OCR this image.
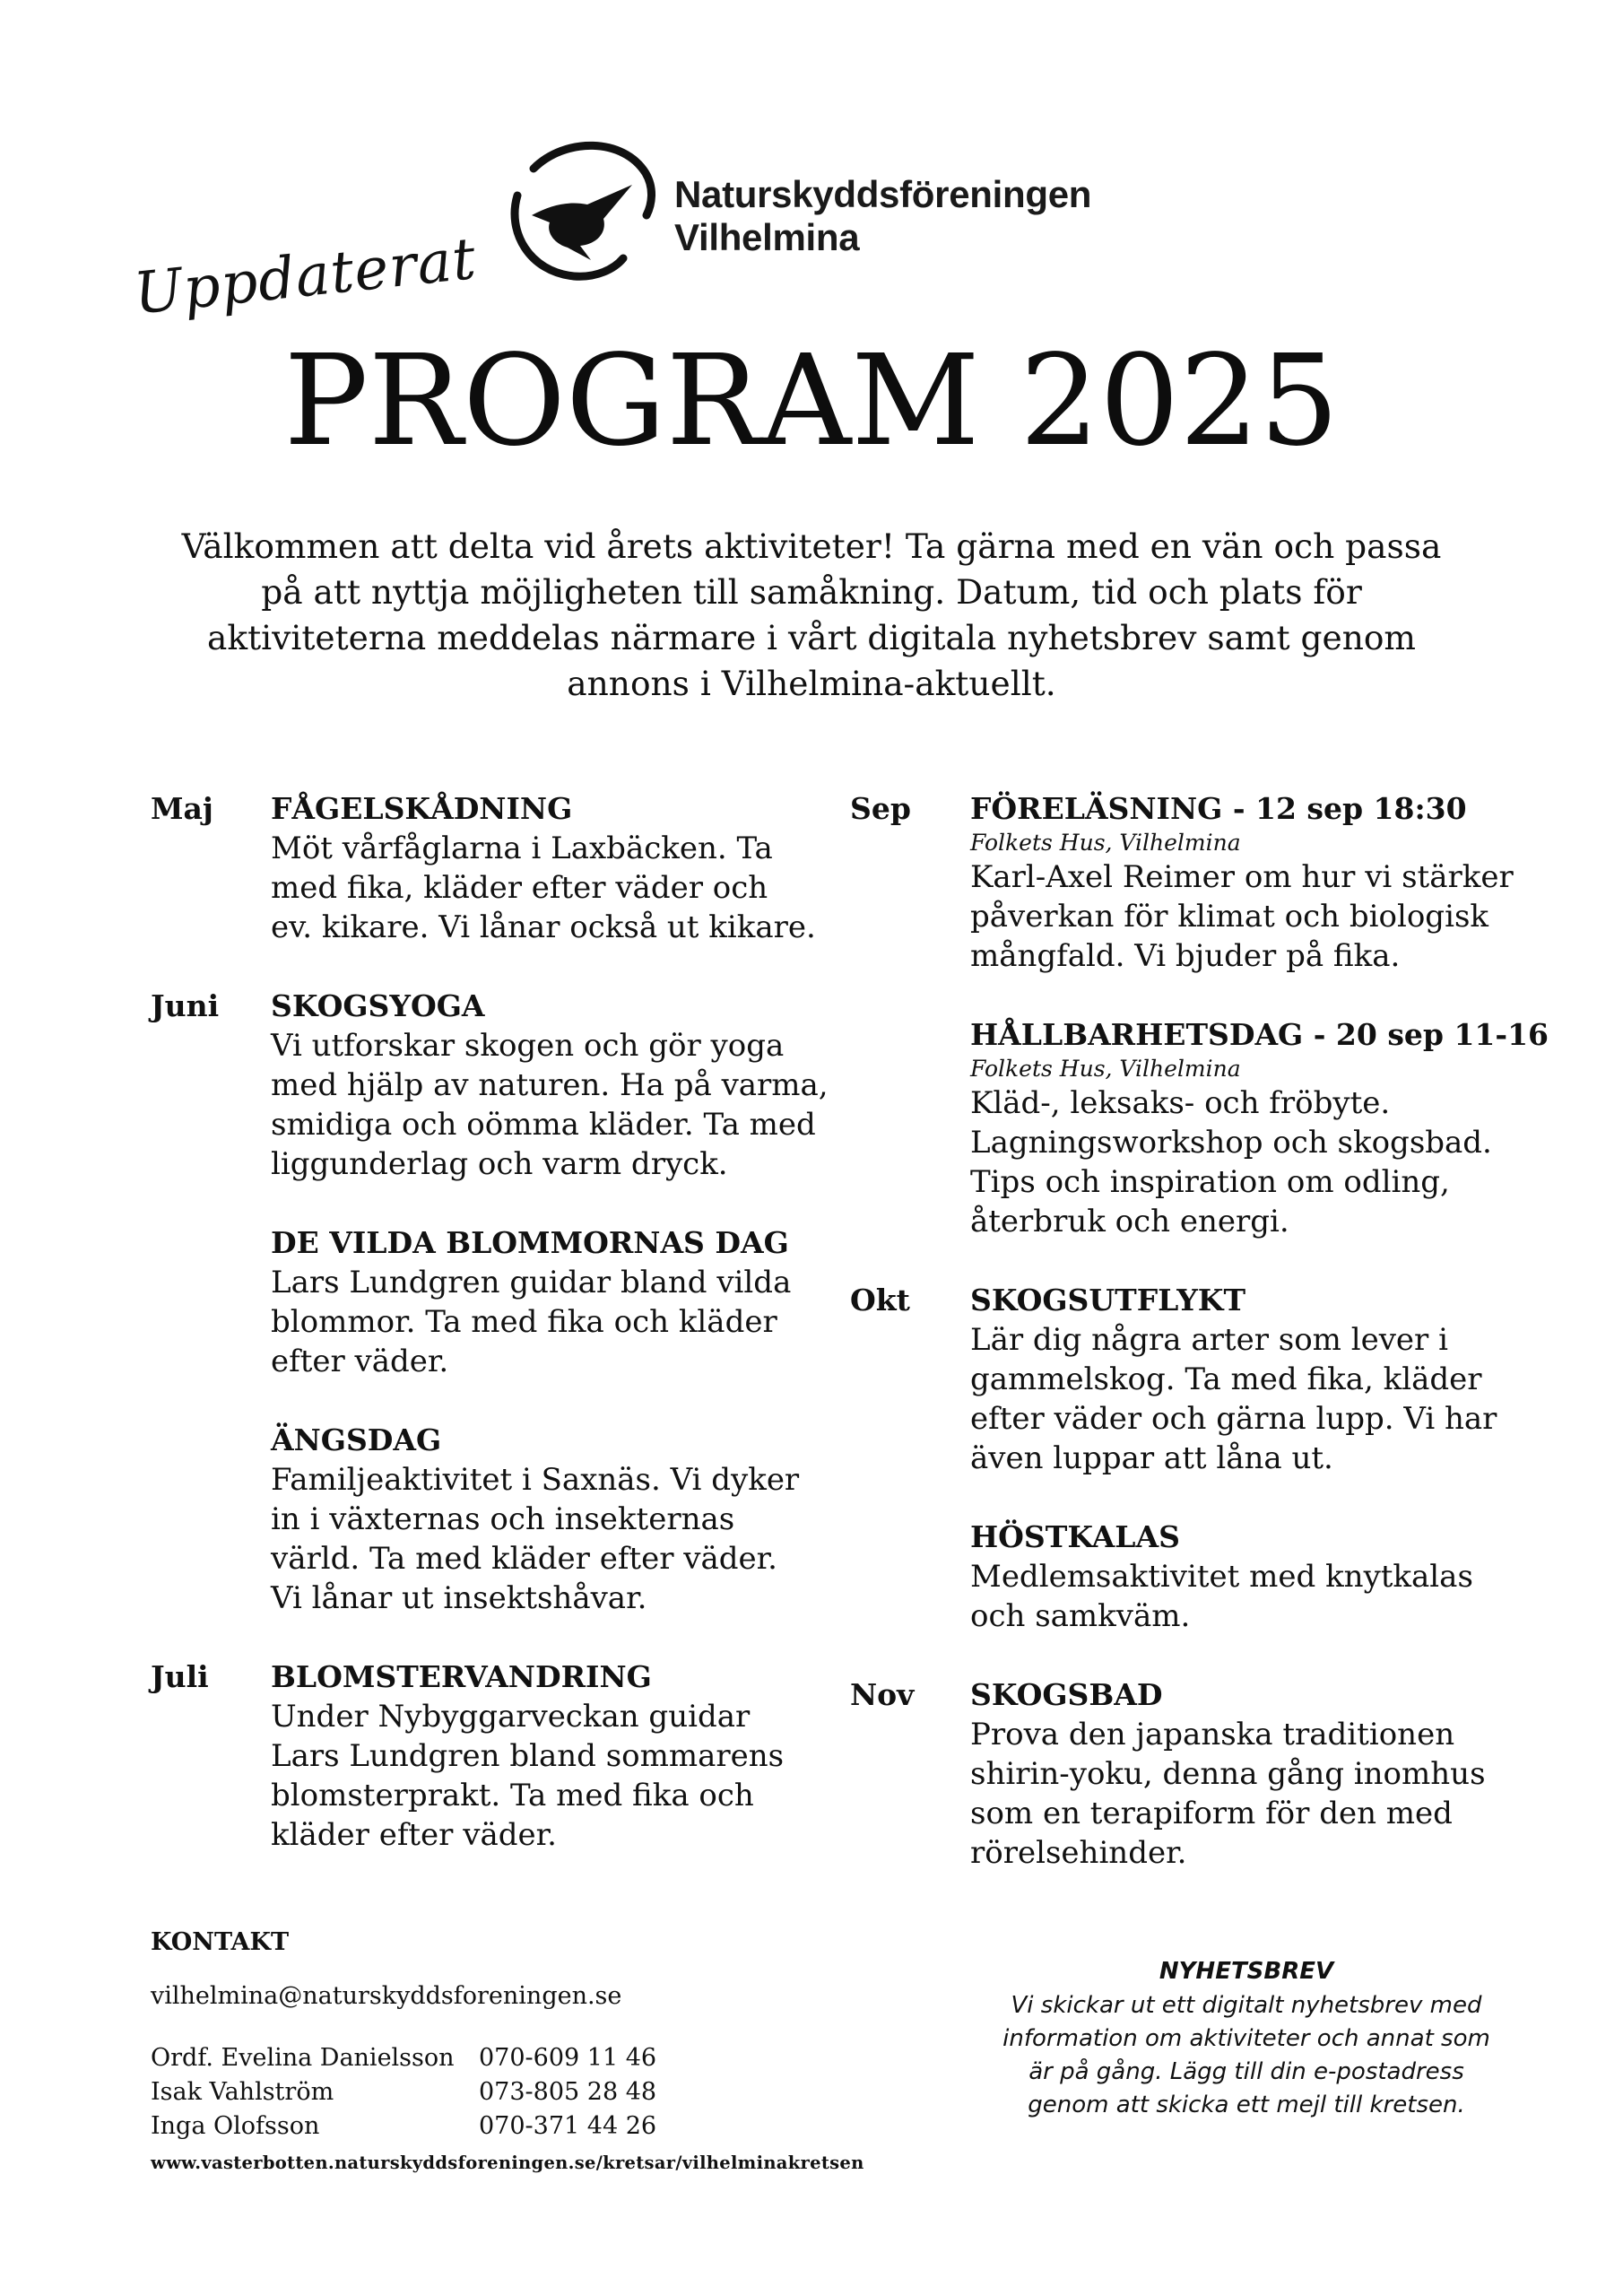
Naturskyddsföreningen
Vilhelmina
Uppdaterat
PROGRAM 2025
Välkommen att delta vid årets aktiviteter! Ta gärna med en vän och passa på att nyttja möjligheten till samåkning. Datum, tid och plats för aktiviteterna meddelas närmare i vårt digitala nyhetsbrev samt genom annons i Vilhelmina-aktuellt.
Maj FÅGELSKÅDNING
Möt vårfåglarna i Laxbäcken. Ta
med fika, kläder efter väder och
ev. kikare. Vi lånar också ut kikare.
Juni SKOGSYOGA
Vi utforskar skogen och gör yoga
med hjälp av naturen. Ha på varma,
smidiga och oömma kläder. Ta med
liggunderlag och varm dryck.
DE VILDA BLOMMORNAS DAG
Lars Lundgren guidar bland vilda
blommor. Ta med fika och kläder
efter väder.
ÄNGSDAG
Familjeaktivitet i Saxnäs. Vi dyker
in i växternas och insekternas
värld. Ta med kläder efter väder.
Vi lånar ut insektshåvar.
Juli BLOMSTERVANDRING
Under Nybyggarveckan guidar
Lars Lundgren bland sommarens
blomsterprakt. Ta med fika och
kläder efter väder.
Sep FÖRELÄSNING - 12 sep 18:30
Folkets Hus, Vilhelmina
Karl-Axel Reimer om hur vi stärker
påverkan för klimat och biologisk
mångfald. Vi bjuder på fika.
HÅLLBARHETSDAG - 20 sep 11-16
Folkets Hus, Vilhelmina
Kläd-, leksaks- och fröbyte.
Lagningsworkshop och skogsbad.
Tips och inspiration om odling,
återbruk och energi.
Okt SKOGSUTFLYKT
Lär dig några arter som lever i
gammelskog. Ta med fika, kläder
efter väder och gärna lupp. Vi har
även luppar att låna ut.
HÖSTKALAS
Medlemsaktivitet med knytkalas
och samkväm.
Nov SKOGSBAD
Prova den japanska traditionen
shirin-yoku, denna gång inomhus
som en terapiform för den med
rörelsehinder.
KONTAKT
vilhelmina@naturskyddsforeningen.se
Ordf. Evelina Danielsson	070-609 11 46
Isak Vahlström	073-805 28 48
Inga Olofsson	070-371 44 26
www.vasterbotten.naturskyddsforeningen.se/kretsar/vilhelminakretsen
NYHETSBREV
Vi skickar ut ett digitalt nyhetsbrev med
information om aktiviteter och annat som
är på gång. Lägg till din e-postadress
genom att skicka ett mejl till kretsen.
